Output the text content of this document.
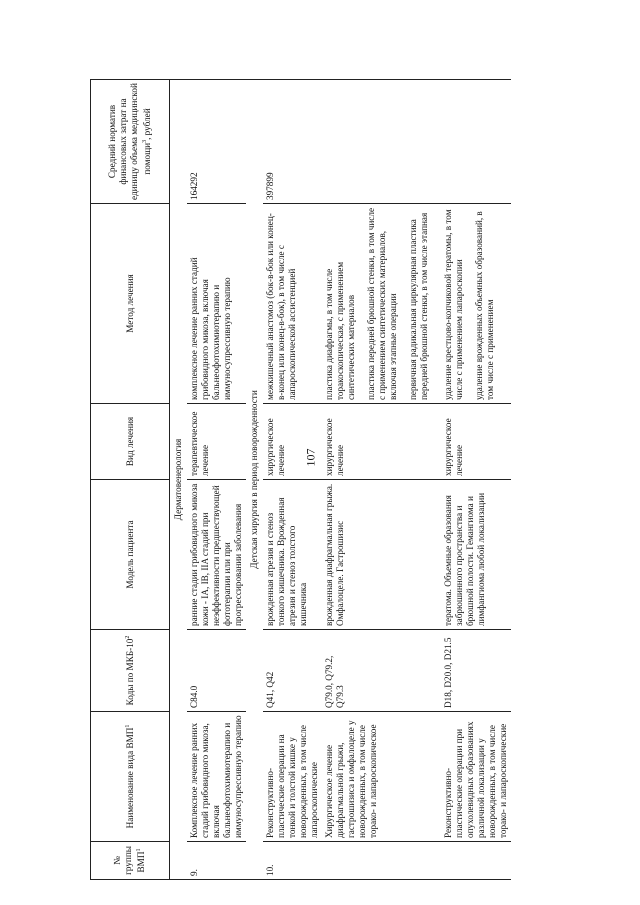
107
№ группы ВМП$^1$	Наименование вида ВМП$^1$	Коды по МКБ-$10^2$	Модель пациента	Вид лечения	Метод лечения	Средний норматив финансовых затрат на единицу объема медицинской помощи$^3$, рублей
Дерматовенерология						
9.	Комплексное лечение ранних стадий грибовидного микоза, включая бальнеофотохимиотерапию и иммуносупрессивную терапию	C84.0	ранние стадии грибовидного микоза кожи - IA, IB, IIA стадий при неэффективности предшествующей фототерапии или при прогрессировании заболевания	терапевтическое лечение	комплексное лечение ранних стадий грибовидного микоза, включая бальнеофотохимиотерапию и иммуносупрессивную терапию	164292
Детская хирургия в период новорожденности						
10.	Реконструктивно-пластические операции на тонкой и толстой кишке у новорожденных, в том числе лапароскопические	Q41, Q42	врожденная атрезия и стеноз тонкого кишечника. Врожденная атрезия и стеноз толстого кишечника	хирургическое лечение	межкишечный анастомоз (бок-в-бок или конец-в-конец или конец-в-бок), в том числе с лапароскопической ассистенцией	397899
	Хирургическое лечение диафрагмальной грыжи, гастрошизиса и омфалоцеле у новорожденных, в том числе торако- и лапароскопическое	Q79.0, Q79.2, Q79.3	врожденная диафрагмальная грыжа. Омфалоцеле. Гастрошизис	хирургическое лечение	пластика диафрагмы, в том числе торакоскопическая, с применением синтетических материалов пластика передней брюшной стенки, в том числе с применением синтетических материалов, включая этапные операции первичная радикальная циркулярная пластика передней брюшной стенки, в том числе этапная	

	Реконструктивно-пластические операции при опухолевидных образованиях различной локализации у новорожденных, в том числе торако- и лапароскопические	D18, D20.0, D21.5	тератома. Объемные образования забрюшинного пространства и брюшной полости. Гемангиома и лимфангиома любой локализации	хирургическое лечение	удаление крестцово-копчиковой тератомы, в том числе с применением лапароскопии удаление врожденных объемных образований, в том числе с применением	
